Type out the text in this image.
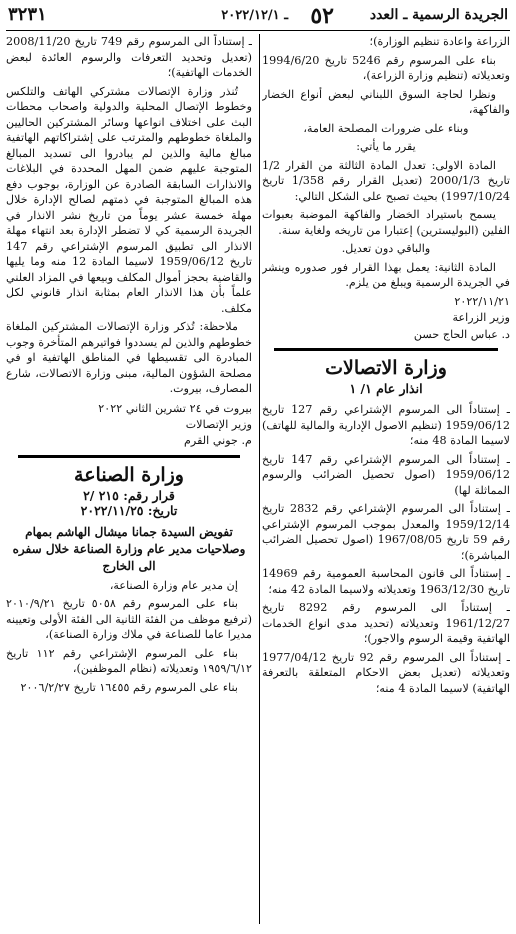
الجريدة الرسمية ـ العدد
٥٢
ـ ٢٠٢٢/١٢/١
٣٢٣١

الزراعة واعادة تنظيم الوزارة)؛

بناء على المرسوم رقم 5246 تاريخ 1994/6/20 وتعديلاته (تنظيم وزارة الزراعة)،

ونظرا لحاجة السوق اللبناني لبعض أنواع الخضار والفاكهة،

وبناء على ضرورات المصلحة العامة،

يقرر ما يأتي:

المادة الاولى: تعدل المادة الثالثة من القرار 1/2 تاريخ 2000/1/3 (تعديل القرار رقم 1/358 تاريخ 1997/10/24) بحيث تصبح على الشكل التالي:

يسمح باستيراد الخضار والفاكهة الموضبة بعبوات الفلين (البوليسترين) إعتبارا من تاريخه ولغاية سنة.

والباقي دون تعديل.

المادة الثانية: يعمل بهذا القرار فور صدوره وينشر في الجريدة الرسمية ويبلغ من يلزم.

٢٠٢٢/١١/٢١

وزير الزراعة

د. عباس الحاج حسن

وزارة الاتصالات
انذار عام ١/ ١

ـ إستناداً الى المرسوم الإشتراعي رقم 127 تاريخ 1959/06/12 (تنظيم الاصول الإدارية والمالية للهاتف) لاسيما المادة 48 منه؛

ـ إستناداً الى المرسوم الإشتراعي رقم 147 تاريخ 1959/06/12 (اصول تحصيل الضرائب والرسوم المماثلة لها)

ـ إستناداً الى المرسوم الإشتراعي رقم 2832 تاريخ 1959/12/14 والمعدل بموجب المرسوم الإشتراعي رقم 59 تاريخ 1967/08/05 (اصول تحصيل الضرائب المباشرة)؛

ـ إستناداً الى قانون المحاسبة العمومية رقم 14969 تاريخ 1963/12/30 وتعديلاته ولاسيما المادة 42 منه؛

ـ إستناداً الى المرسوم رقم 8292 تاريخ 1961/12/27 وتعديلاته (تحديد مدى انواع الخدمات الهاتفية وقيمة الرسوم والاجور)؛

ـ إستناداً الى المرسوم رقم 92 تاريخ 1977/04/12 وتعديلاته (تعديل بعض الاحكام المتعلقة بالتعرفة الهاتفية) لاسيما المادة 4 منه؛

ـ إستناداً الى المرسوم رقم 749 تاريخ 2008/11/20 (تعديل وتحديد التعرفات والرسوم العائدة لبعض الخدمات الهاتفية)؛

تُنذر وزارة الإتصالات مشتركي الهاتف والتلكس وخطوط الإتصال المحلية والدولية واصحاب محطات البث على اختلاف انواعها وسائر المشتركين الحاليين والملغاة خطوطهم والمترتب على إشتراكاتهم الهاتفية مبالغ مالية والذين لم يبادروا الى تسديد المبالغ المتوجبة عليهم ضمن المهل المحددة في البلاغات والانذارات السابقة الصادرة عن الوزارة، بوجوب دفع هذه المبالغ المتوجبة في ذمتهم لصالح الإدارة خلال مهلة خمسة عشر يوماً من تاريخ نشر الانذار في الجريدة الرسمية كي لا تضطر الإدارة بعد انتهاء مهلة الانذار الى تطبيق المرسوم الإشتراعي رقم 147 تاريخ 1959/06/12 لاسيما المادة 12 منه وما يليها والقاضية بحجز أموال المكلف وبيعها في المزاد العلني علماً بأن هذا الانذار العام بمثابة انذار قانوني لكل مكلف.

ملاحظة: تُذكر وزارة الإتصالات المشتركين الملغاة خطوطهم والذين لم يسددوا فواتيرهم المتأخرة وجوب المبادرة الى تقسيطها في المناطق الهاتفية او في مصلحة الشؤون المالية، مبنى وزارة الاتصالات، شارع المصارف، بيروت.

بيروت في ٢٤ تشرين الثاني ٢٠٢٢
وزير الإتصالات
م. جوني القرم
وزارة الصناعة
قرار رقم: ٢١٥ /٢
تاريخ: ٢٠٢٢/١١/٢٥

تفويض السيدة جمانا ميشال الهاشم بمهام وصلاحيات مدير عام وزارة الصناعة خلال سفره الى الخارج

إن مدير عام وزارة الصناعة،

بناء على المرسوم رقم ٥٠٥٨ تاريخ ٢٠١٠/٩/٢١ (ترفيع موظف من الفئة الثانية الى الفئة الأولى وتعيينه مديرا عاما للصناعة في ملاك وزارة الصناعة)،

بناء على المرسوم الإشتراعي رقم ١١٢ تاريخ ١٩٥٩/٦/١٢ وتعديلاته (نظام الموظفين)،

بناء على المرسوم رقم ١٦٤٥٥ تاريخ ٢٠٠٦/٢/٢٧
